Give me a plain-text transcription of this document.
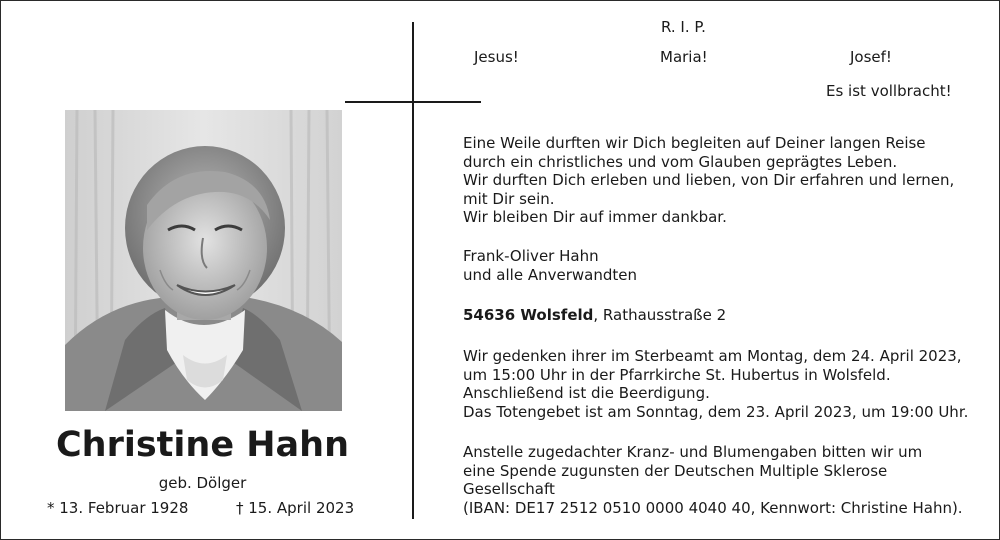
R. I. P.
Jesus!	Maria!	Josef!
Es ist vollbracht!
Christine Hahn
geb. Dölger
* 13. Februar 1928	† 15. April 2023
Eine Weile durften wir Dich begleiten auf Deiner langen Reise
durch ein christliches und vom Glauben geprägtes Leben.
Wir durften Dich erleben und lieben, von Dir erfahren und lernen,
mit Dir sein.
Wir bleiben Dir auf immer dankbar.
Frank-Oliver Hahn
und alle Anverwandten
54636 Wolsfeld, Rathausstraße 2
Wir gedenken ihrer im Sterbeamt am Montag, dem 24. April 2023,
um 15:00 Uhr in der Pfarrkirche St. Hubertus in Wolsfeld.
Anschließend ist die Beerdigung.
Das Totengebet ist am Sonntag, dem 23. April 2023, um 19:00 Uhr.
Anstelle zugedachter Kranz- und Blumengaben bitten wir um
eine Spende zugunsten der Deutschen Multiple Sklerose
Gesellschaft
(IBAN: DE17 2512 0510 0000 4040 40, Kennwort: Christine Hahn).
